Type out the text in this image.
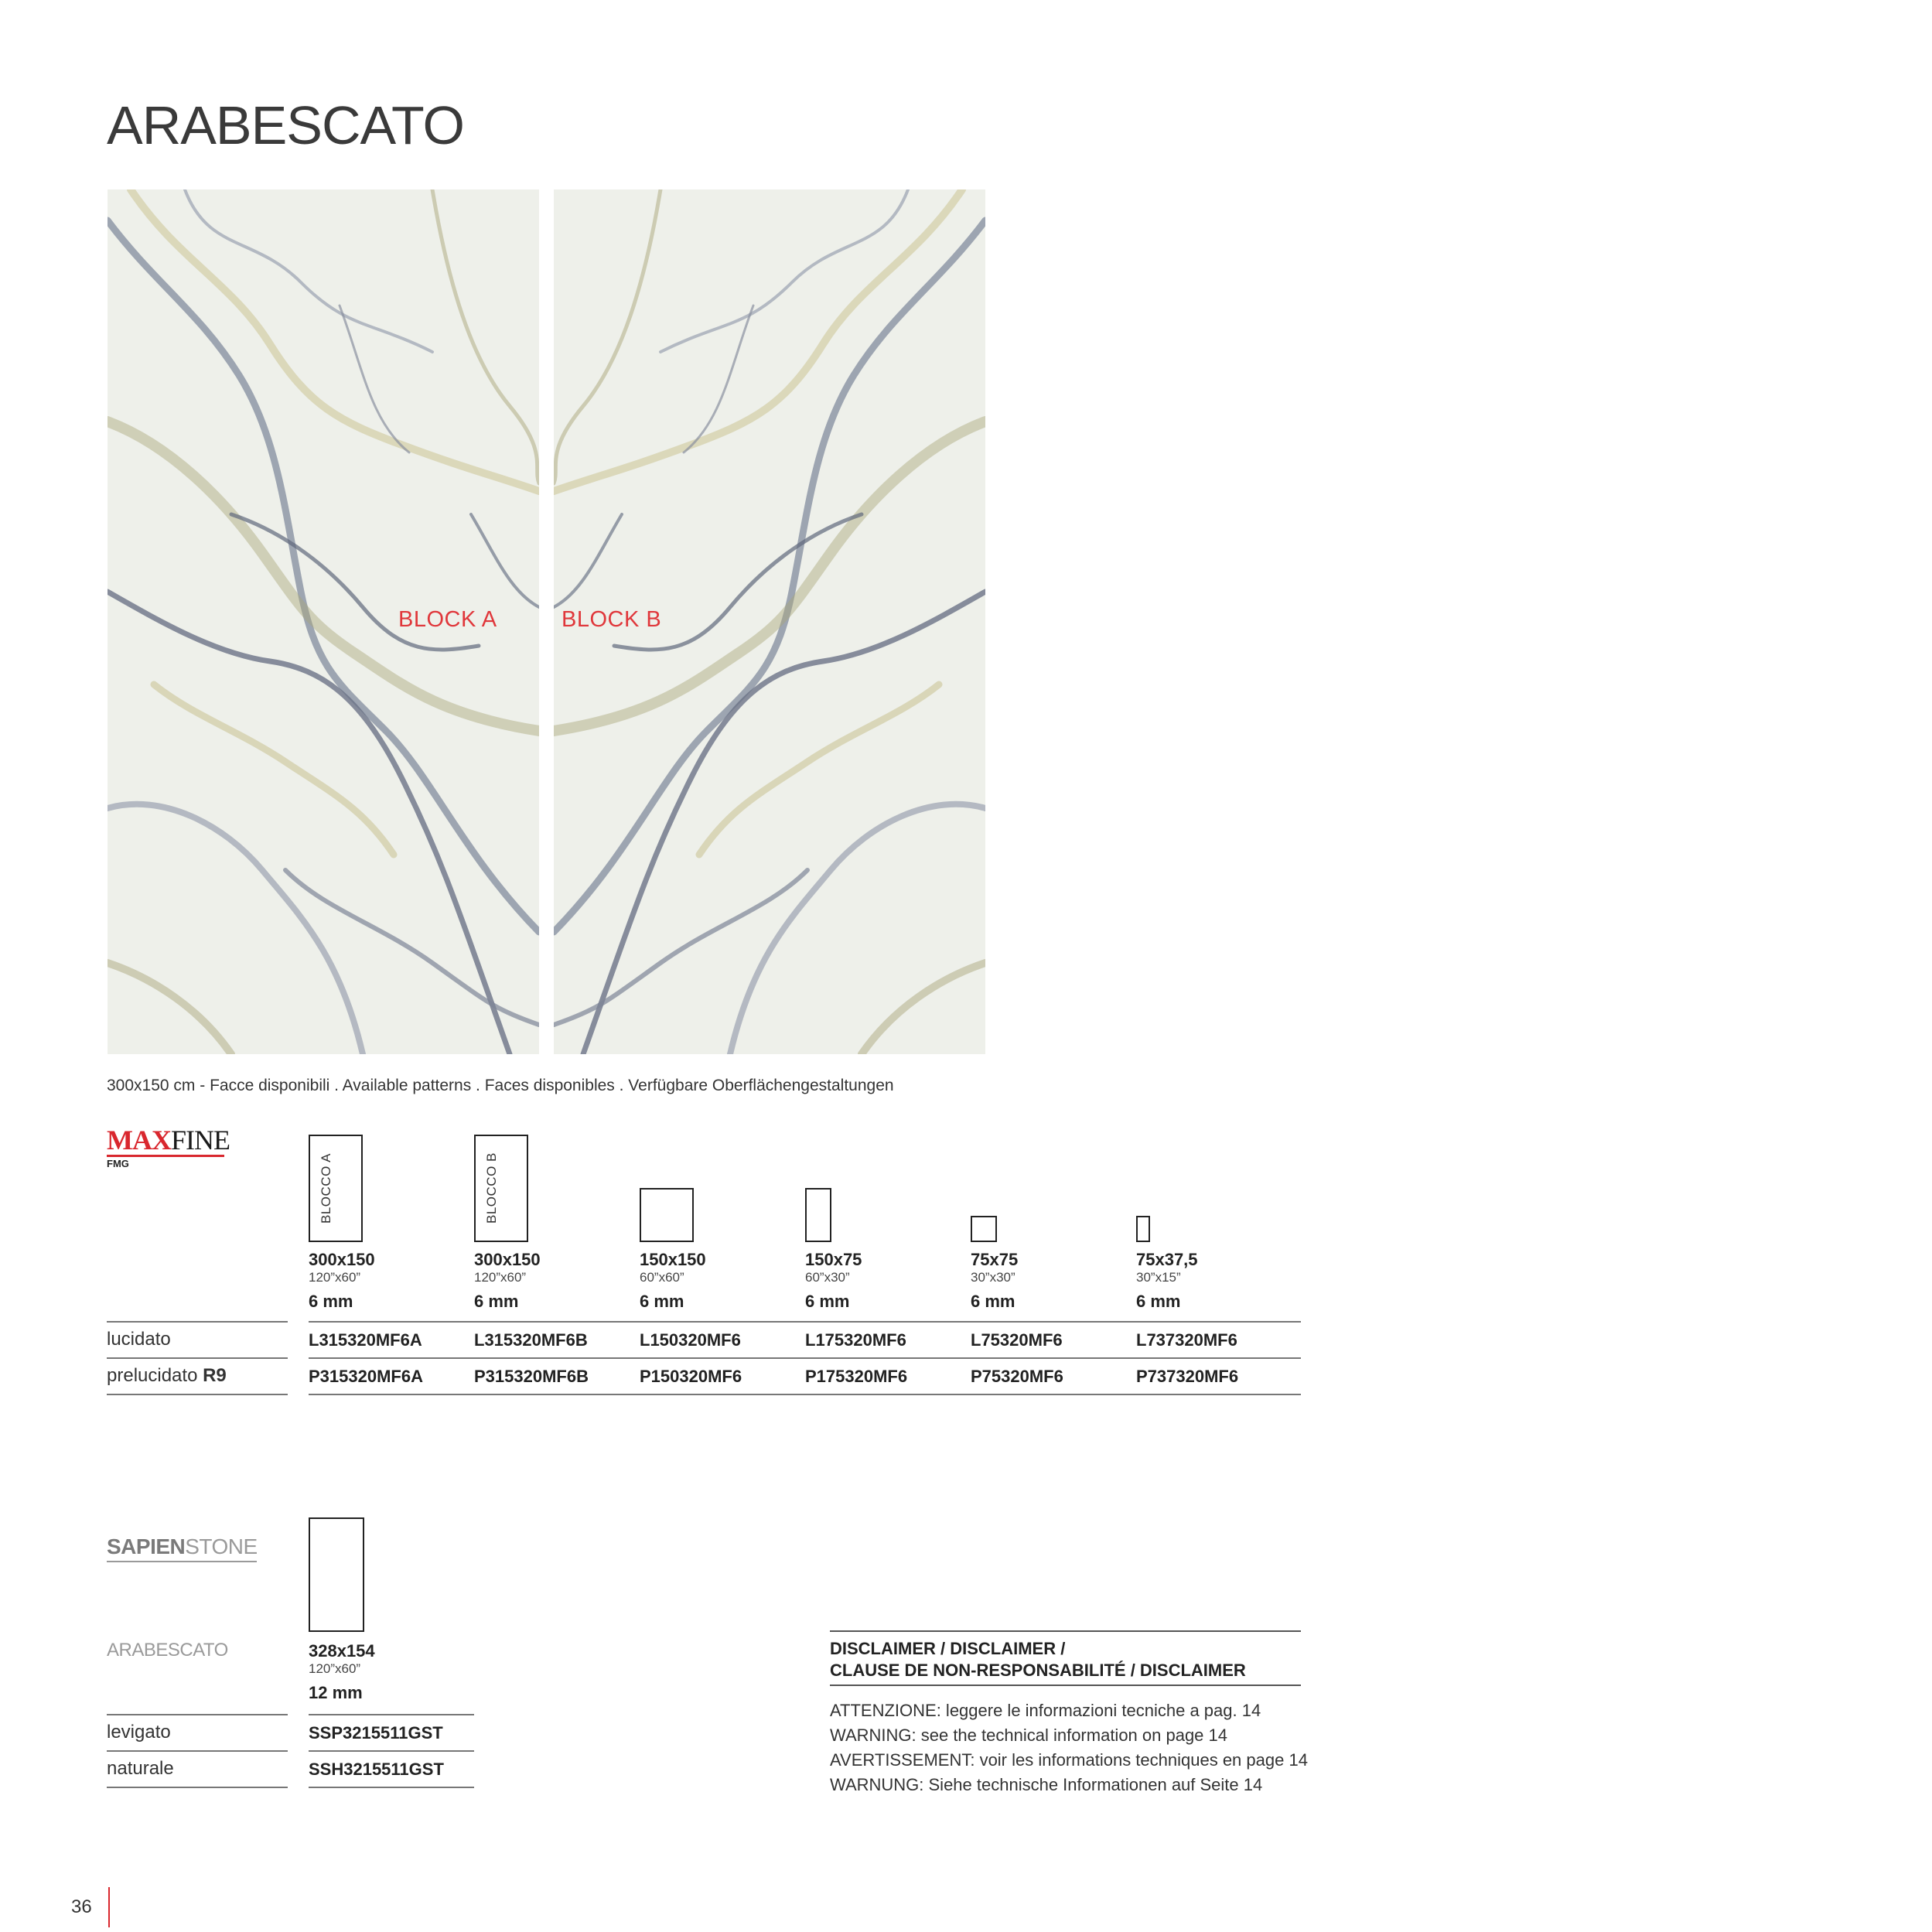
ARABESCATO
BLOCK A	BLOCK B
300x150 cm - Facce disponibili . Available patterns . Faces disponibles . Verfügbare Oberflächengestaltungen
MAXFINE
FMG	BLOCCO A	BLOCCO B
300x150
120”x60”
6 mm
300x150
120”x60”
6 mm
150x150
60”x60”
6 mm
150x75
60”x30”
6 mm
75x75
30”x30”
6 mm
75x37,5
30”x15”
6 mm
lucidato	L315320MF6A	L315320MF6B	L150320MF6	L175320MF6	L75320MF6	L737320MF6
prelucidato R9	P315320MF6A	P315320MF6B	P150320MF6	P175320MF6	P75320MF6	P737320MF6
SAPIENSTONE
ARABESCATO	328x154
120”x60”
12 mm
levigato	SSP3215511GST
naturale	SSH3215511GST
DISCLAIMER / DISCLAIMER /
CLAUSE DE NON-RESPONSABILITÉ / DISCLAIMER
ATTENZIONE: leggere le informazioni tecniche a pag. 14
WARNING: see the technical information on page 14
AVERTISSEMENT: voir les informations techniques en page 14
WARNUNG: Siehe technische Informationen auf Seite 14
36
